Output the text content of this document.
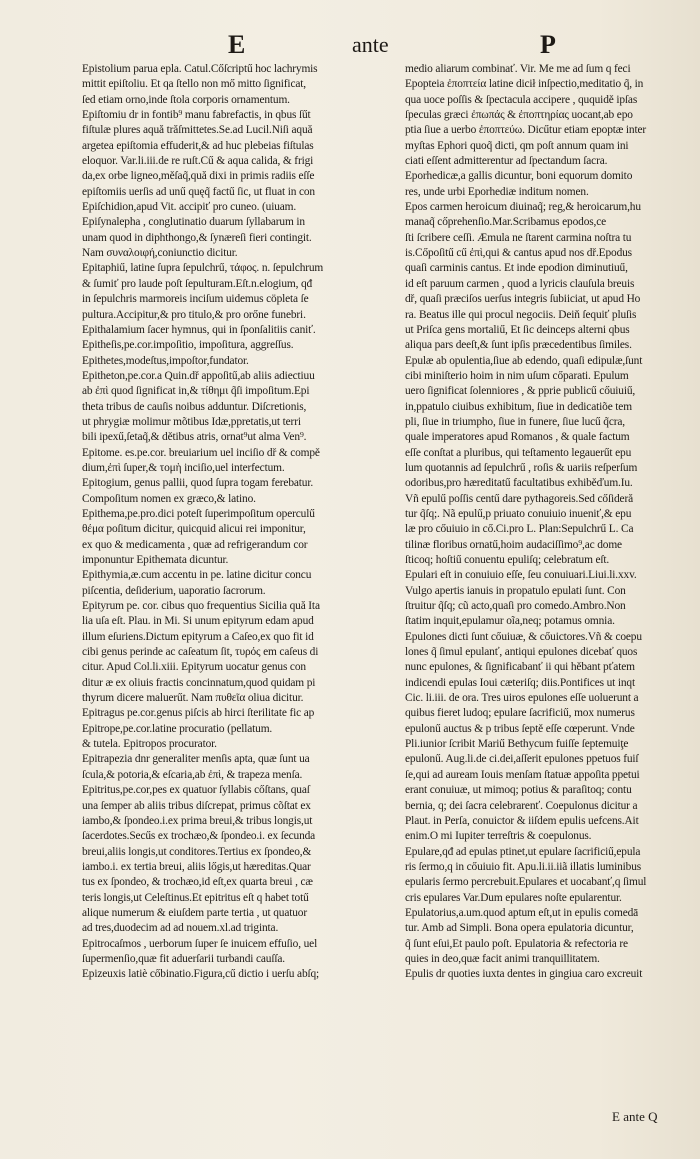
E	ante	P
Epistolium parua epla. Catul.Cőſcriptű hoc lachrymis
mittit epiſtoliu. Et qa ſtello non mő mitto ſignificat,
ſed etiam orno,inde ſtola corporis ornamentum.
Epiſtomiu dr in fontib⁹ manu fabrefactis, in qbus ſűt
fiſtulæ plures aquă trăſmittetes.Se.ad Lucil.Niſi aquă
argetea epiſtomia effuderit,& ad huc plebeias fiſtulas
eloquor. Var.li.iii.de re ruſt.Cű & aqua calida, & frigi
da,ex orbe ligneo,měſaq̃,quă dixi in primis radiis eſſe
epiſtomiis uerſis ad unű quęq̃ factű ſic, ut fluat in con
Epiſchidion,apud Vit. accipiť pro cuneo. (uiuam.
Epiſynalepha , conglutinatio duarum ſyllabarum in
unam quod in diphthongo,& ſynæreſi fieri contingit.
Nam συναλοιφή,coniunctio dicitur.
Epitaphiű, latine ſupra ſepulchrű, τάφος. n. ſepulchrum
& ſumiť pro laude poſt ſepulturam.Eſt.n.elogium, qđ
in ſepulchris marmoreis inciſum uidemus cöpleta ſe
pultura.Accipitur,& pro titulo,& pro orőne funebri.
Epithalamium ſacer hymnus, qui in ſponſalitiis caniť.
Epitheſis,pe.cor.impoſitio, impoſitura, aggreſſus.
Epithetes,modeſtus,impoſtor,fundator.
Epitheton,pe.cor.a Quin.dř appoſitű,ab aliis adiectiuu
ab ἐπὶ quod ſignificat in,& τίθημι q̃ſi impoſitum.Epi
theta tribus de cauſis noibus adduntur. Diſcretionis,
ut phrygiæ molimur mõtibus Idæ,ppretatis,ut terri
bili ipexű,ſetaq̃,& dětibus atris, ornat⁹ut alma Ven⁹.
Epitome. es.pe.cor. breuiarium uel inciſio dř & compě
dium,ἐπὶ ſuper,& τομὴ inciſio,uel interfectum.
Epitogium, genus pallii, quod ſupra togam ferebatur.
Compoſitum nomen ex græco,& latino.
Epithema,pe.pro.dici poteſt ſuperimpoſitum operculű
θέμα poſitum dicitur, quicquid alicui rei imponitur,
ex quo & medicamenta , quæ ad refrigerandum cor
imponuntur Epithemata dicuntur.
Epithymia,æ.cum accentu in pe. latine dicitur concu
piſcentia, deſiderium, uaporatio ſacrorum.
Epityrum pe. cor. cibus quo frequentius Sicilia quă Ita
lia uſa eſt. Plau. in Mi. Si unum epityrum edam apud
illum eſuriens.Dictum epityrum a Caſeo,ex quo fit id
cibi genus perinde ac caſeatum ſit, τυρός em caſeus di
citur. Apud Col.li.xiii. Epityrum uocatur genus con
ditur æ ex oliuis fractis concinnatum,quod quidam pi
thyrum dicere maluerűt. Nam πυθεῖα oliua dicitur.
Epitragus pe.cor.genus piſcis ab hirci ſterilitate fic ap
Epitrope,pe.cor.latine procuratio (pellatum.
& tutela. Epitropos procurator.
Epitrapezia dnr generaliter menſis apta, quæ ſunt ua
ſcula,& potoria,& eſcaria,ab ἐπὶ, & trapeza menſa.
Epitritus,pe.cor,pes ex quatuor ſyllabis cőſtans, quaſ
una ſemper ab aliis tribus diſcrepat, primus cõſtat ex
iambo,& ſpondeo.i.ex prima breui,& tribus longis,ut
ſacerdotes.Secűs ex trochæo,& ſpondeo.i. ex ſecunda
breui,aliis longis,ut conditores.Tertius ex ſpondeo,&
iambo.i. ex tertia breui, aliis lőgis,ut hæreditas.Quar
tus ex ſpondeo, & trochæo,id eſt,ex quarta breui , cæ
teris longis,ut Celeſtinus.Et epitritus eſt q habet totű
alique numerum & eiuſdem parte tertia , ut quatuor
ad tres,duodecim ad ad nouem.xl.ad triginta.
Epitrocaſmos , uerborum ſuper ſe inuicem effuſio, uel
ſupermenſio,quæ fit aduerſarii turbandi cauſſa.
Epizeuxis latiè cőbinatio.Figura,cű dictio i uerſu abſq;
medio aliarum combinať. Vir. Me me ad ſum q feci
Epopteia ἐποπτεία latine dicił inſpectio,meditatio q̃, in
qua uoce poſſis & ſpectacula accipere , ququidě ipſas
ſpeculas græci ἐπωπάς & ἐποπτηρίας uocant,ab epo
ptia ſiue a uerbo ἐποπτεύω. Dicűtur etiam epoptæ inter
myſtas Ephori quoq̃ dicti, qm poſt annum quam ini
ciati eſſent admitterentur ad ſpectandum ſacra.
Eporhedicæ,a gallis dicuntur, boni equorum domito
res, unde urbi Eporhediæ inditum nomen.
Epos carmen heroicum diuinaq̃; reg,& heroicarum,hu
manaq̃ cőprehenſio.Mar.Scribamus epodos,ce
ſti ſcribere ceſſi. Æmula ne ſtarent carmina noſtra tu
is.Cőpoſitű cű ἐπὶ,qui & cantus apud nos dř.Epodus
quaſi carminis cantus. Et inde epodion diminutiuű,
id eſt paruum carmen , quod a lyricis clauſula breuis
dř, quaſi præciſos uerſus integris ſubiiciat, ut apud Ho
ra. Beatus ille qui procul negociis. Deiň ſequiť pluſis
ut Priſca gens mortaliű, Et ſic deinceps alterni qbus
aliqua pars deeſt,& ſunt ipſis præcedentibus ſimiles.
Epulæ ab opulentia,ſiue ab edendo, quaſi edipulæ,ſunt
cibi miniſterio hoim in nim uſum cőparati. Epulum
uero ſignificat ſolenniores , & pprie publicű cőuiuiű,
in,ppatulo ciuibus exhibitum, ſiue in dedicatiõe tem
pli, ſiue in triumpho, ſiue in funere, ſiue lucű q̃cra,
quale imperatores apud Romanos , & quale factum
eſſe conſtat a pluribus, qui teſtamento legauerűt epu
lum quotannis ad ſepulchrű , roſis & uariis reſperſum
odoribus,pro hæreditatű facultatibus exhiběďum.Iu.
Vñ epulű poſſis centű dare pythagoreis.Sed cőſideră
tur q̃ſq;. Nã epulű,p priuato conuiuio inueniť,& epu
læ pro cőuiuio in cő.Ci.pro L. Plan:Sepulchrű L. Ca
tilinæ floribus ornatű,hoim audaciſſimo⁹,ac dome
ſticoq; hoſtiű conuentu epuliſq; celebratum eſt.
Epulari eſt in conuiuio eſſe, ſeu conuiuari.Liui.li.xxv.
Vulgo apertis ianuis in propatulo epulati ſunt. Con
ſtruitur q̃ſq; cũ acto,quaſi pro comedo.Ambro.Non
ſtatim inquit,epulamur oĩa,neq; potamus omnia.
Epulones dicti ſunt cőuiuæ, & cőuictores.Vñ & coepu
lones q̃ ſimul epulanť, antiqui epulones dicebať quos
nunc epulones, & ſignificabanť ii qui hěbant pťatem
indicendi epulas Ioui cæteriſq; diis.Pontifices ut inqt
Cic. li.iii. de ora. Tres uiros epulones eſſe uoluerunt a
quibus fieret ludoq; epulare ſacrificiű, mox numerus
epulonű auctus & p tribus ſeptě eſſe cœperunt. Vnde
Pli.iunior ſcribit Mariű Bethycum fuiſſe ſeptemuiţe
epulonű. Aug.li.de ci.dei,aſſerit epulones ppetuos fuiſ
ſe,qui ad auream Iouis menſam ſtatuæ appoſita ppetui
erant conuiuæ, ut mimoq; potius & paraſitoq; contu
bernia, q; dei ſacra celebrarenť. Coepulonus dicitur a
Plaut. in Perſa, conuictor & iiſdem epulis uefcens.Ait
enim.O mi Iupiter terreſtris & coepulonus.
Epulare,qđ ad epulas ptinet,ut epulare ſacrificiű,epula
ris ſermo,q in cőuiuio fit. Apu.li.ii.iiã illatis luminibus
epularis ſermo percrebuit.Epulares et uocabanť,q ſimul
cris epulares Var.Dum epulares noſte epularentur.
Epulatorius,a.um.quod aptum eſt,ut in epulis comedā
tur. Amb ad Simpli. Bona opera epulatoria dicuntur,
q̃ ſunt eſui,Et paulo poſt. Epulatoria & refectoria re
quies in deo,quæ facit animi tranquillitatem.
Epulis dr quoties iuxta dentes in gingiua caro excreuit
E ante Q
